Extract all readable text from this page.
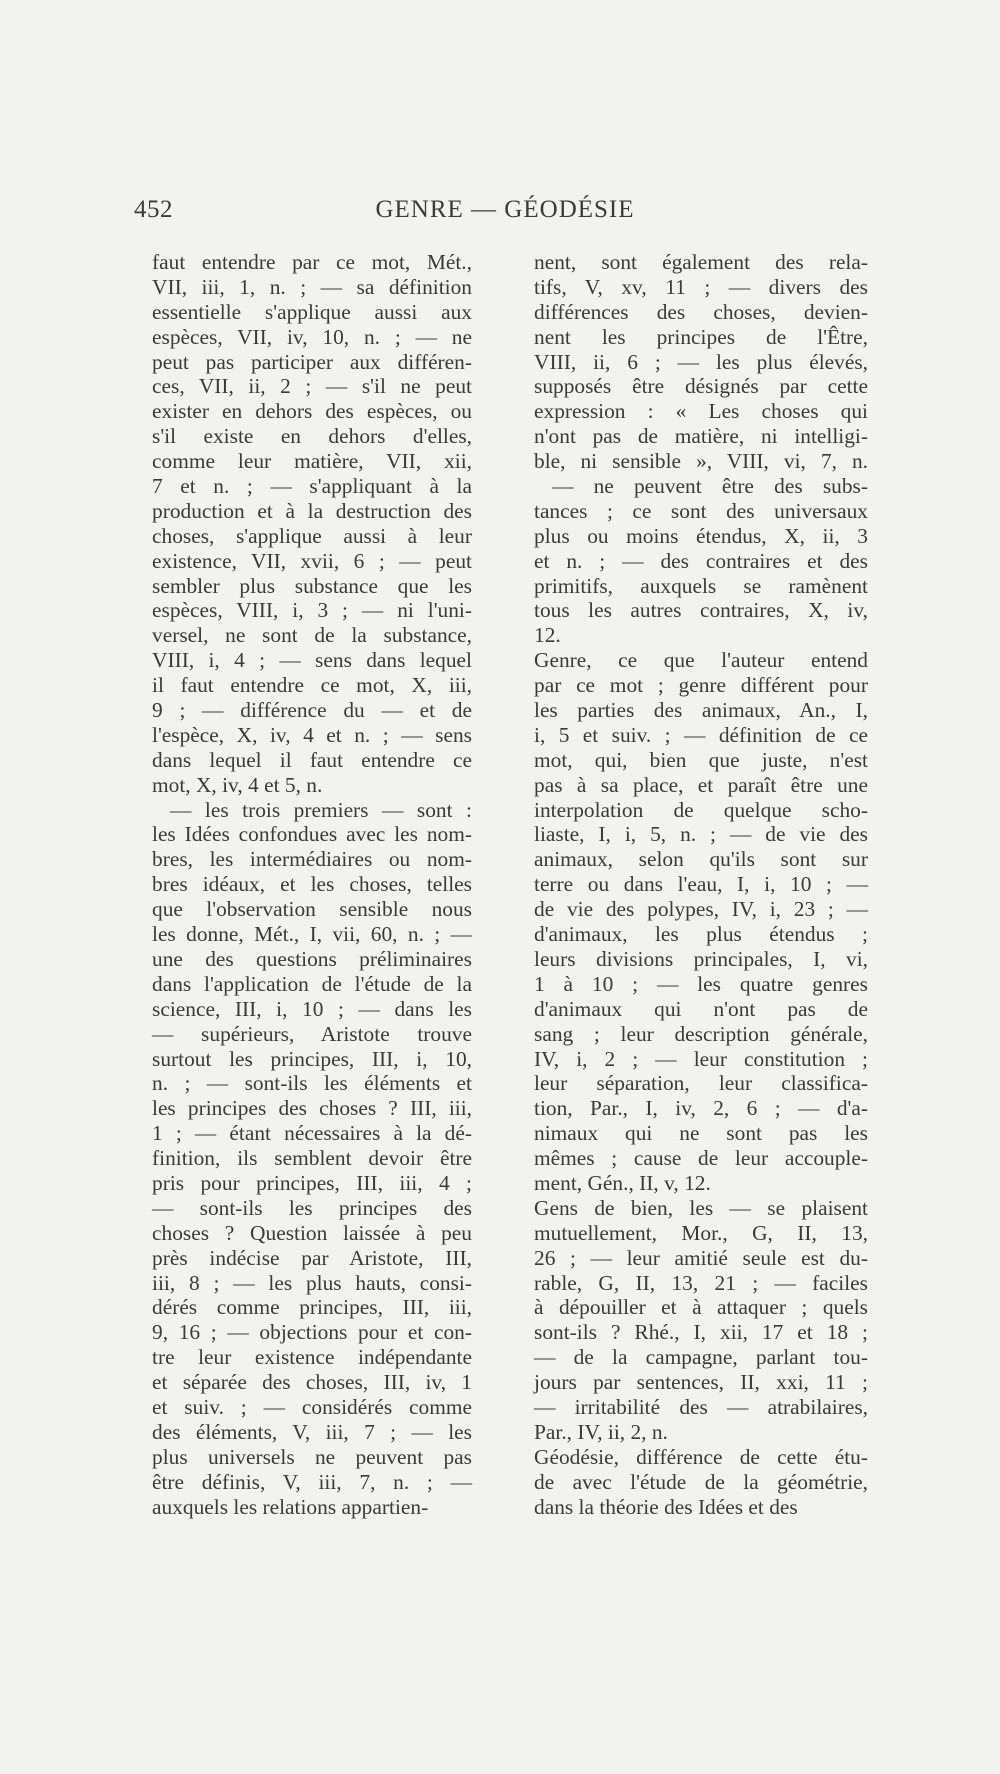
452	GENRE — GÉODÉSIE
faut entendre par ce mot, Mét.,
VII, iii, 1, n. ; — sa définition
essentielle s'applique aussi aux
espèces, VII, iv, 10, n. ; — ne
peut pas participer aux différen-
ces, VII, ii, 2 ; — s'il ne peut
exister en dehors des espèces, ou
s'il existe en dehors d'elles,
comme leur matière, VII, xii,
7 et n. ; — s'appliquant à la
production et à la destruction des
choses, s'applique aussi à leur
existence, VII, xvii, 6 ; — peut
sembler plus substance que les
espèces, VIII, i, 3 ; — ni l'uni-
versel, ne sont de la substance,
VIII, i, 4 ; — sens dans lequel
il faut entendre ce mot, X, iii,
9 ; — différence du — et de
l'espèce, X, iv, 4 et n. ; — sens
dans lequel il faut entendre ce
mot, X, iv, 4 et 5, n.
— les trois premiers — sont :
les Idées confondues avec les nom-
bres, les intermédiaires ou nom-
bres idéaux, et les choses, telles
que l'observation sensible nous
les donne, Mét., I, vii, 60, n. ; —
une des questions préliminaires
dans l'application de l'étude de la
science, III, i, 10 ; — dans les
— supérieurs, Aristote trouve
surtout les principes, III, i, 10,
n. ; — sont-ils les éléments et
les principes des choses ? III, iii,
1 ; — étant nécessaires à la dé-
finition, ils semblent devoir être
pris pour principes, III, iii, 4 ;
— sont-ils les principes des
choses ? Question laissée à peu
près indécise par Aristote, III,
iii, 8 ; — les plus hauts, consi-
dérés comme principes, III, iii,
9, 16 ; — objections pour et con-
tre leur existence indépendante
et séparée des choses, III, iv, 1
et suiv. ; — considérés comme
des éléments, V, iii, 7 ; — les
plus universels ne peuvent pas
être définis, V, iii, 7, n. ; —
auxquels les relations appartien-
nent, sont également des rela-
tifs, V, xv, 11 ; — divers des
différences des choses, devien-
nent les principes de l'Être,
VIII, ii, 6 ; — les plus élevés,
supposés être désignés par cette
expression : « Les choses qui
n'ont pas de matière, ni intelligi-
ble, ni sensible », VIII, vi, 7, n.
— ne peuvent être des subs-
tances ; ce sont des universaux
plus ou moins étendus, X, ii, 3
et n. ; — des contraires et des
primitifs, auxquels se ramènent
tous les autres contraires, X, iv,
12.
Genre, ce que l'auteur entend
par ce mot ; genre différent pour
les parties des animaux, An., I,
i, 5 et suiv. ; — définition de ce
mot, qui, bien que juste, n'est
pas à sa place, et paraît être une
interpolation de quelque scho-
liaste, I, i, 5, n. ; — de vie des
animaux, selon qu'ils sont sur
terre ou dans l'eau, I, i, 10 ; —
de vie des polypes, IV, i, 23 ; —
d'animaux, les plus étendus ;
leurs divisions principales, I, vi,
1 à 10 ; — les quatre genres
d'animaux qui n'ont pas de
sang ; leur description générale,
IV, i, 2 ; — leur constitution ;
leur séparation, leur classifica-
tion, Par., I, iv, 2, 6 ; — d'a-
nimaux qui ne sont pas les
mêmes ; cause de leur accouple-
ment, Gén., II, v, 12.
Gens de bien, les — se plaisent
mutuellement, Mor., G, II, 13,
26 ; — leur amitié seule est du-
rable, G, II, 13, 21 ; — faciles
à dépouiller et à attaquer ; quels
sont-ils ? Rhé., I, xii, 17 et 18 ;
— de la campagne, parlant tou-
jours par sentences, II, xxi, 11 ;
— irritabilité des — atrabilaires,
Par., IV, ii, 2, n.
Géodésie, différence de cette étu-
de avec l'étude de la géométrie,
dans la théorie des Idées et des
